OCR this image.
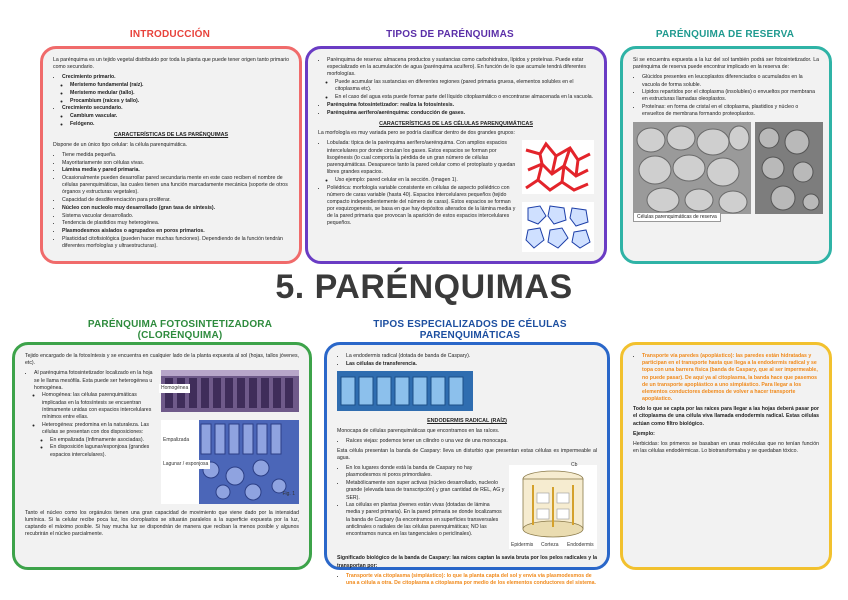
INTRODUCCIÓN	TIPOS DE PARÉNQUIMAS	PARÉNQUIMA DE RESERVA

La parénquima es un tejido vegetal distribuido por toda la planta que puede tener origen tanto primario como secundario.

• Crecimiento primario.
◦ Meristemo fundamental (raíz).
◦ Meristemo medular (tallo).
◦ Procambium (raíces y tallo).
• Crecimiento secundario.
◦ Cambium vascular.
◦ Felógeno.
CARACTERÍSTICAS DE LAS PARÉNQUIMAS

Dispone de un único tipo celular: la célula parenquimática.

• Tiene medida pequeña.
• Mayoritariamente son células vivas.
• Lámina media y pared primaria.
• Ocasionalmente pueden desarrollar pared secundaria mente en este caso reciben el nombre de células parenquimáticas, las cuales tienen una función marcadamente mecánica (soporte de otros órganos y estructuras vegetales).
• Capacidad de desdiferenciación para proliferar.
• Núcleo con nucleolo muy desarrollado (gran tasa de síntesis).
• Sistema vacuolar desarrollado.
• Tendencia de plastidios muy heterogénea.
• Plasmodesmos aislados o agrupados en poros primarios.
• Plasticidad citofisiológica (pueden hacer muchas funciones). Dependiendo de la función tendrán diferentes morfologías y ultraestructuras).
• Parénquima de reserva: almacena productos y sustancias como carbohidratos, lípidos y proteínas. Puede estar especializado en la acumulación de agua (parénquima acuífero). En función de lo que acumule tendrá diferentes morfologías.
◦ Puede acumular las sustancias en diferentes regiones (pared primaria gruesa, elementos solubles en el citoplasma etc).
◦ En el caso del agua esta puede formar parte del líquido citoplasmático o encontrarse almacenada en la vacuola.
• Parénquima fotosintetizador: realiza la fotosíntesis.
• Parénquima aerífero/aerénquima: conducción de gases.
CARACTERÍSTICAS DE LAS CÉLULAS PARENQUIMÁTICAS

La morfología es muy variada pero se podría clasificar dentro de dos grandes grupos:

• Lobulada: típica de la parénquima aerífero/aerénquima. Con amplios espacios intercelulares por donde circulan los gases. Estos espacios se forman por lisogénesis (lo cual comporta la pérdida de un gran número de células parenquimáticas. Desaparece tanto la pared celular como el protoplasto y quedan libres grandes espacios.
◦ Uso ejemplo: pared celular en la sección. (Imagen 1).
• Poliédrica: morfología variable consistente en células de aspecto poliédrico con número de caras variable (hasta 40). Espacios intercelulares pequeños (tejido compacto independientemente del número de caras). Estos espacios se forman por esquizogenesis, se basa en que hay depósitos alterados de la lámina media y de la pared primaria que provocan la aparición de estos espacios intercelulares pequeños.

Si se encuentra expuesta a la luz del sol también podrá ser fotosintetizador. La parénquima de reserva puede encontrar implicado en la reserva de:

• Glúcidos presentes en leucoplastos diferenciados o acumulados en la vacuola de forma soluble.
• Lípidos repartidos por el citoplasma (insolubles) o envueltos por membrana en estructuras llamadas oleoplastos.
• Proteínas: en forma de cristal en el citoplasma, plastidios y núcleo o envueltos de membrana formando proteoplastos.
Células parenquimáticas de reserva
5. PARÉNQUIMAS
PARÉNQUIMA FOTOSINTETIZADORA
(CLORÉNQUIMA)
TIPOS ESPECIALIZADOS DE CÉLULAS
PARENQUIMÁTICAS

Tejido encargado de la fotosíntesis y se encuentra en cualquier lado de la planta expuesta al sol (hojas, tallos jóvenes, etc).

• Al parénquima fotosintetizador localizado en la hoja se le llama mesófila. Esta puede ser heterogénea u homogénea.
◦ Homogénea: las células parenquimáticas implicadas en la fotosíntesis se encuentran íntimamente unidas con espacios intercelulares mínimos entre ellas.
◦ Heterogénea: predomina en la naturaleza. Las células se presentan con dos disposiciones:
◦ En empalizada (ínfimamente asociadas).
◦ En disposición lagunar/esponjosa (grandes espacios intercelulares).

Homogénea
Empalizada
Lagunar / esponjosa
Fig. 1

Tanto el núcleo como los orgánulos tienen una gran capacidad de movimiento que viene dado por la intensidad lumínica. Si la celular recibe poca luz, los cloroplastos se situarán paralelos a la superficie expuesta por la luz, captando el máximo posible. Si hay mucha luz se dispondrán de manera que reciban la menos posible y algunos recubrirán el núcleo parcialmente.

• La endodermis radical (dotada de banda de Caspary).
• Las células de transferencia.
ENDODERMIS RADICAL (RAÍZ)

Monocapa de células parenquimáticas que encontramos en las raíces.

• Raíces viejas: podemos tener un cilindro o una vez de una monocapa.

Esta célula presentan la banda de Caspary: lleva un disturbio que presentan estas células es impermeable al agua.

• En los lugares donde está la banda de Caspary no hay plasmodesmos ni poros primordiales.
• Metabólicamente son super activas (núcleo desarrollado, nucleolo grande (elevada tasa de transcripción) y gran cantidad de REL, AG y SER).
• Las células en plantas jóvenes están vivas (dotadas de lámina media y pared primaria). En la pared primaria se donde localizamos la banda de Caspary (la encontramos en superficies transversales anticlinales o radiales de las células parenquimáticas; NO las encontramos nunca en las tangenciales o periclinales).
Cb
Epidermis	Corteza	Endodermis

Significado biológico de la banda de Caspary: las raíces captan la savia bruta por los pelos radicales y la transportan por:

• Transporte vía citoplasma (simplástico): lo que la planta capta del sol y envía vía plasmodesmos de una a célula a otra. De citoplasma a citoplasma por medio de los elementos conductores del sistema.
• Transporte vía paredes (apoplástico): las paredes están hidratadas y participan en el transporte hasta que llega a la endodermis radical y se topa con una barrera física (banda de Caspary, que al ser impermeable, no puede pasar). De aquí ya al citoplasma, la banda hace que pasemos de un transporte apoplástico a uno simplástico. Para llegar a los elementos conductores debemos de volver a hacer transporte apoplástico.

Todo lo que se capta por las raíces para llegar a las hojas deberá pasar por el citoplasma de una célula viva llamada endodermis radical. Estas células actúan como filtro biológico.

Ejemplo:

Herbicidas: los primeros se basaban en unas moléculas que no tenían función en las células endodérmicas. Lo biotransformaba y se quedaban tóxico.
